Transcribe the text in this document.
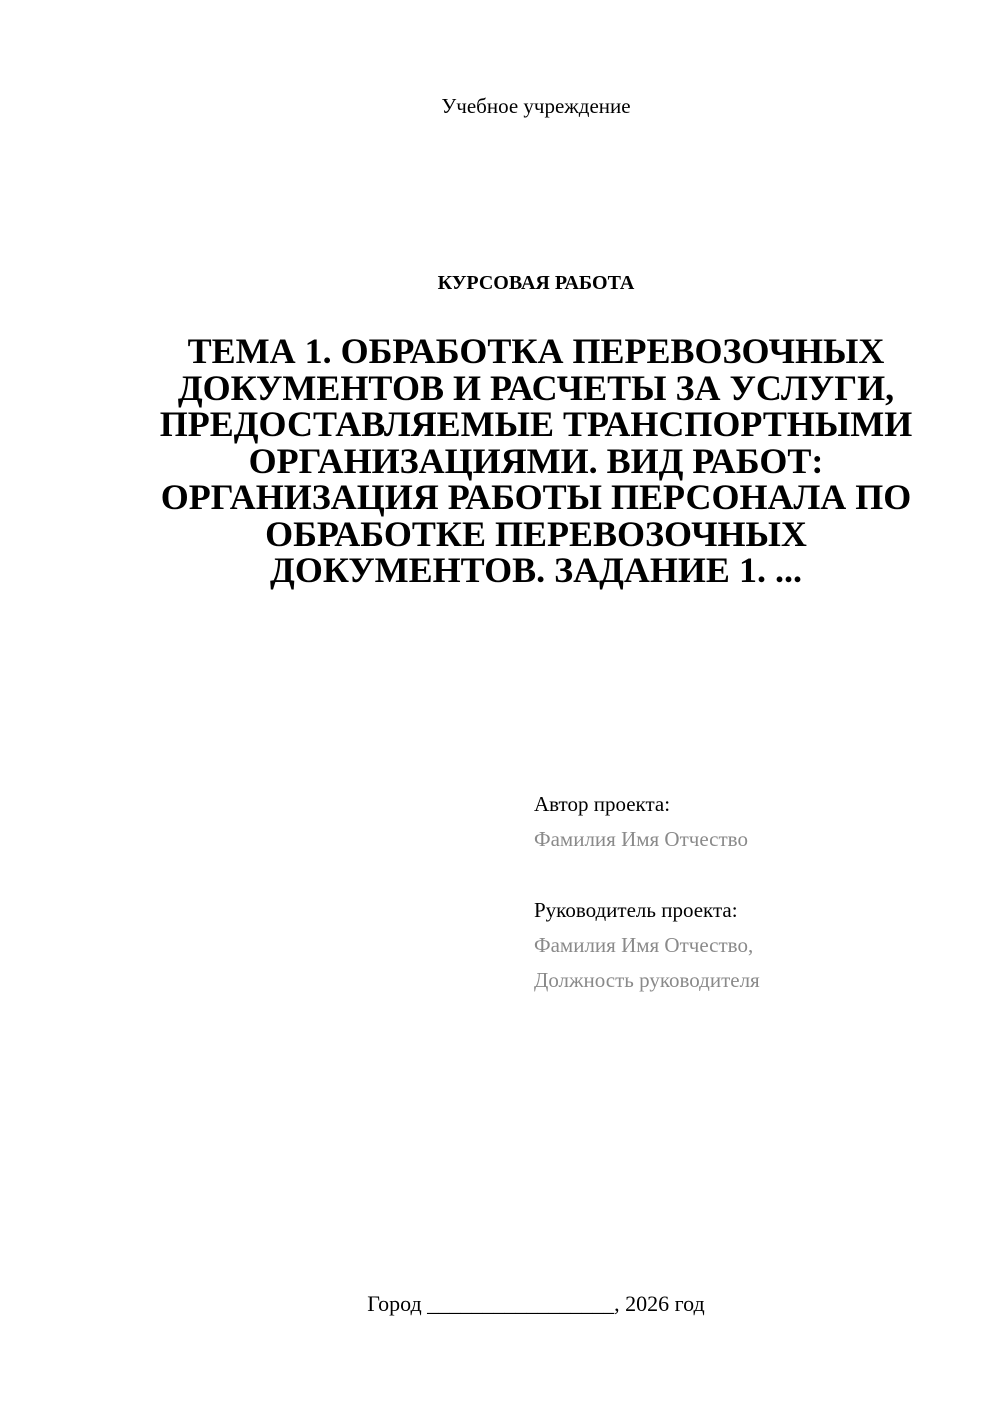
Учебное учреждение
КУРСОВАЯ РАБОТА
ТЕМА 1. ОБРАБОТКА ПЕРЕВОЗОЧНЫХ ДОКУМЕНТОВ И РАСЧЕТЫ ЗА УСЛУГИ, ПРЕДОСТАВЛЯЕМЫЕ ТРАНСПОРТНЫМИ ОРГАНИЗАЦИЯМИ. ВИД РАБОТ: ОРГАНИЗАЦИЯ РАБОТЫ ПЕРСОНАЛА ПО ОБРАБОТКЕ ПЕРЕВОЗОЧНЫХ ДОКУМЕНТОВ. ЗАДАНИЕ 1. ...
Автор проекта:
Фамилия Имя Отчество
Руководитель проекта:
Фамилия Имя Отчество,
Должность руководителя
Город _________________, 2026 год
